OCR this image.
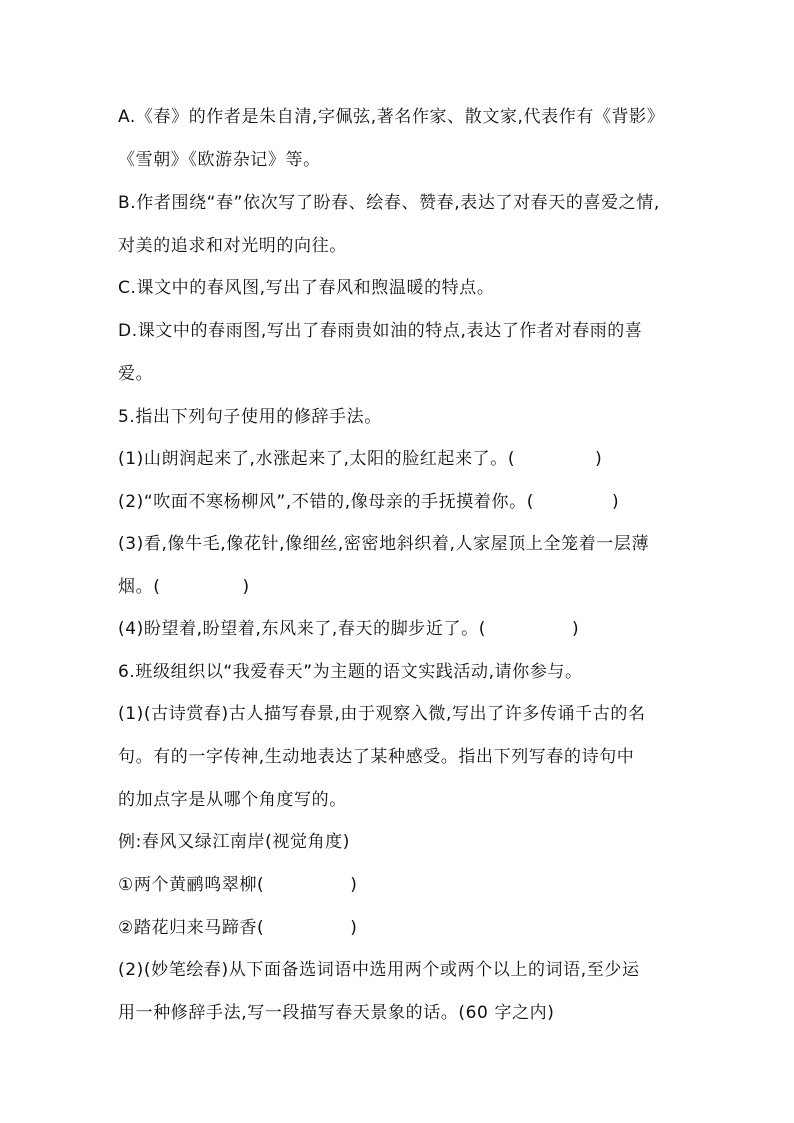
A.《春》的作者是朱自清,字佩弦,著名作家、散文家,代表作有《背影》
《雪朝》《欧游杂记》等。
B.作者围绕“春”依次写了盼春、绘春、赞春,表达了对春天的喜爱之情,
对美的追求和对光明的向往。
C.课文中的春风图,写出了春风和煦温暖的特点。
D.课文中的春雨图,写出了春雨贵如油的特点,表达了作者对春雨的喜
爱。
5.指出下列句子使用的修辞手法。
(1)山朗润起来了,水涨起来了,太阳的脸红起来了。(	)
(2)“吹面不寒杨柳风”,不错的,像母亲的手抚摸着你。(	)
(3)看,像牛毛,像花针,像细丝,密密地斜织着,人家屋顶上全笼着一层薄
烟。(	)
(4)盼望着,盼望着,东风来了,春天的脚步近了。(	)
6.班级组织以“我爱春天”为主题的语文实践活动,请你参与。
(1)(古诗赏春)古人描写春景,由于观察入微,写出了许多传诵千古的名
句。有的一字传神,生动地表达了某种感受。指出下列写春的诗句中
的加点字是从哪个角度写的。
例:春风又绿江南岸(视觉角度)
①两个黄鹂鸣翠柳(	)
②踏花归来马蹄香(	)
(2)(妙笔绘春)从下面备选词语中选用两个或两个以上的词语,至少运
用一种修辞手法,写一段描写春天景象的话。(60 字之内)
